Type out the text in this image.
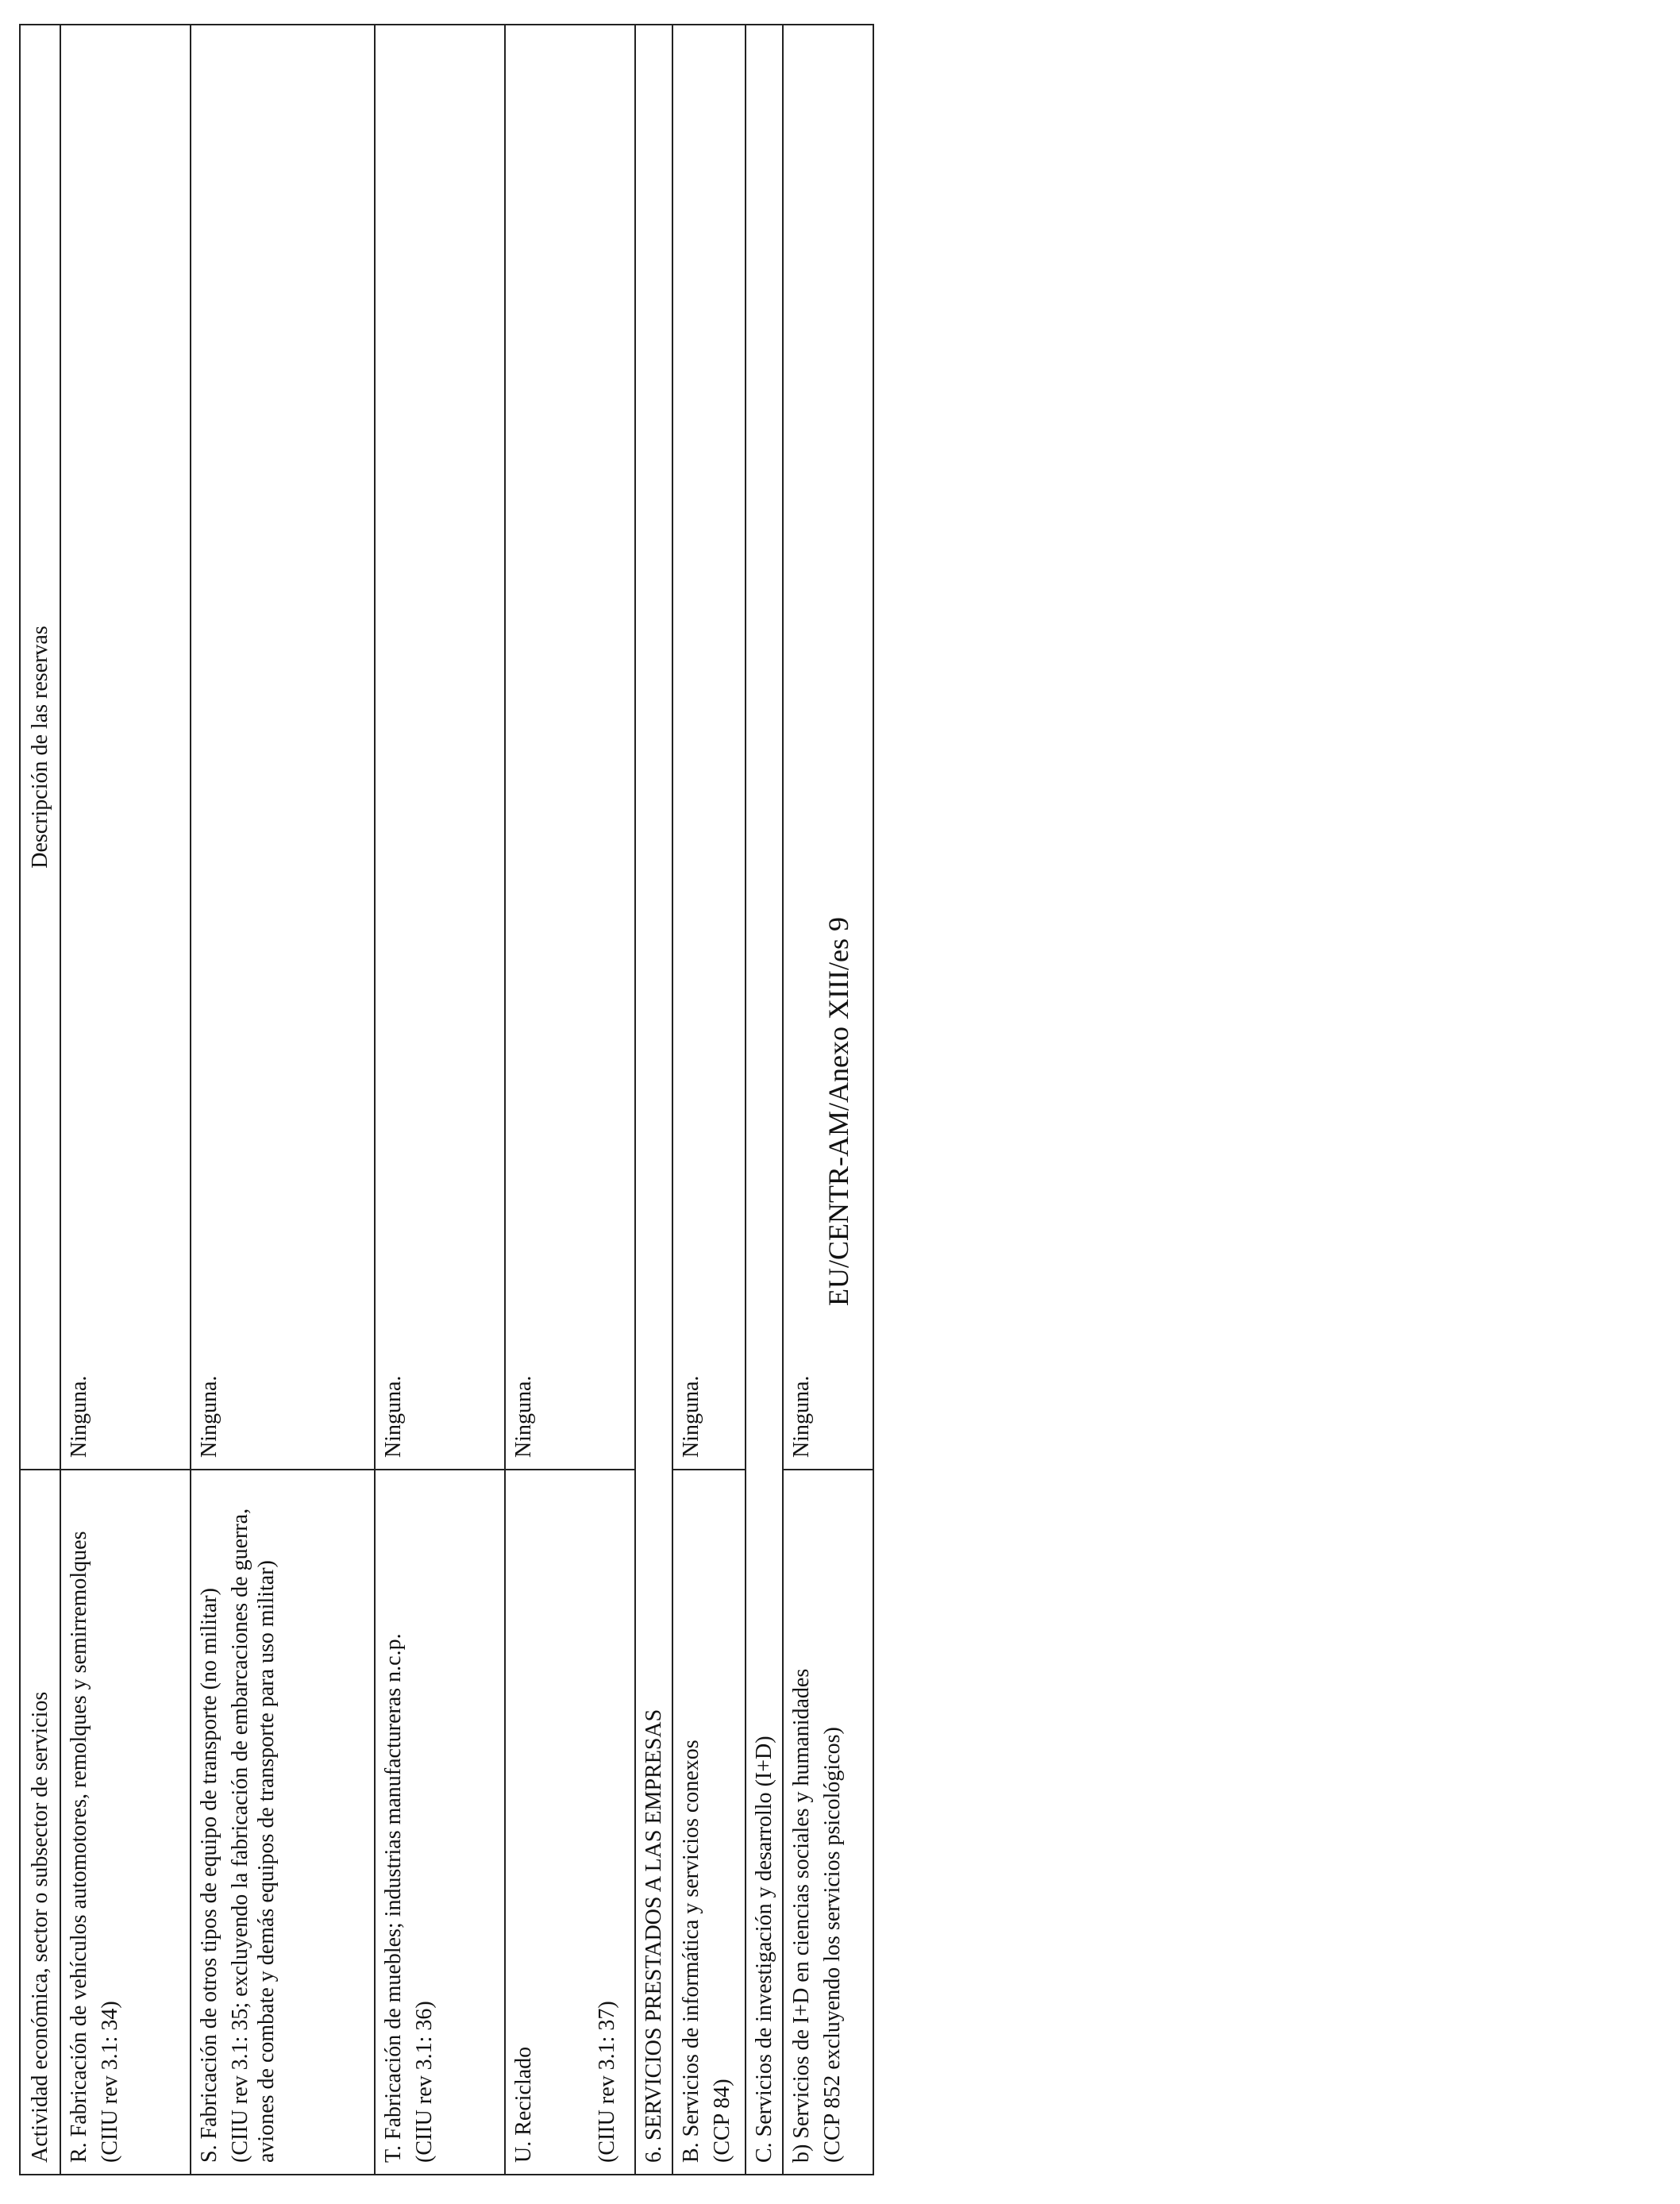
Actividad económica, sector o subsector de servicios	Descripción de las reservas

R. Fabricación de vehículos automotores, remolques y semirremolques (CIIU rev 3.1: 34)	Ninguna.

S. Fabricación de otros tipos de equipo de transporte (no militar) (CIIU rev 3.1: 35; excluyendo la fabricación de embarcaciones de guerra, aviones de combate y demás equipos de transporte para uso militar)	Ninguna.

T. Fabricación de muebles; industrias manufactureras n.c.p. (CIIU rev 3.1: 36)	Ninguna.

U. Reciclado (CIIU rev 3.1: 37)	Ninguna.
6. SERVICIOS PRESTADOS A LAS EMPRESAS	

B. Servicios de informática y servicios conexos (CCP 84)	Ninguna.
C. Servicios de investigación y desarrollo (I+D)	

b) Servicios de I+D en ciencias sociales y humanidades (CCP 852 excluyendo los servicios psicológicos)	Ninguna.
EU/CENTR-AM/Anexo XIII/es 9
